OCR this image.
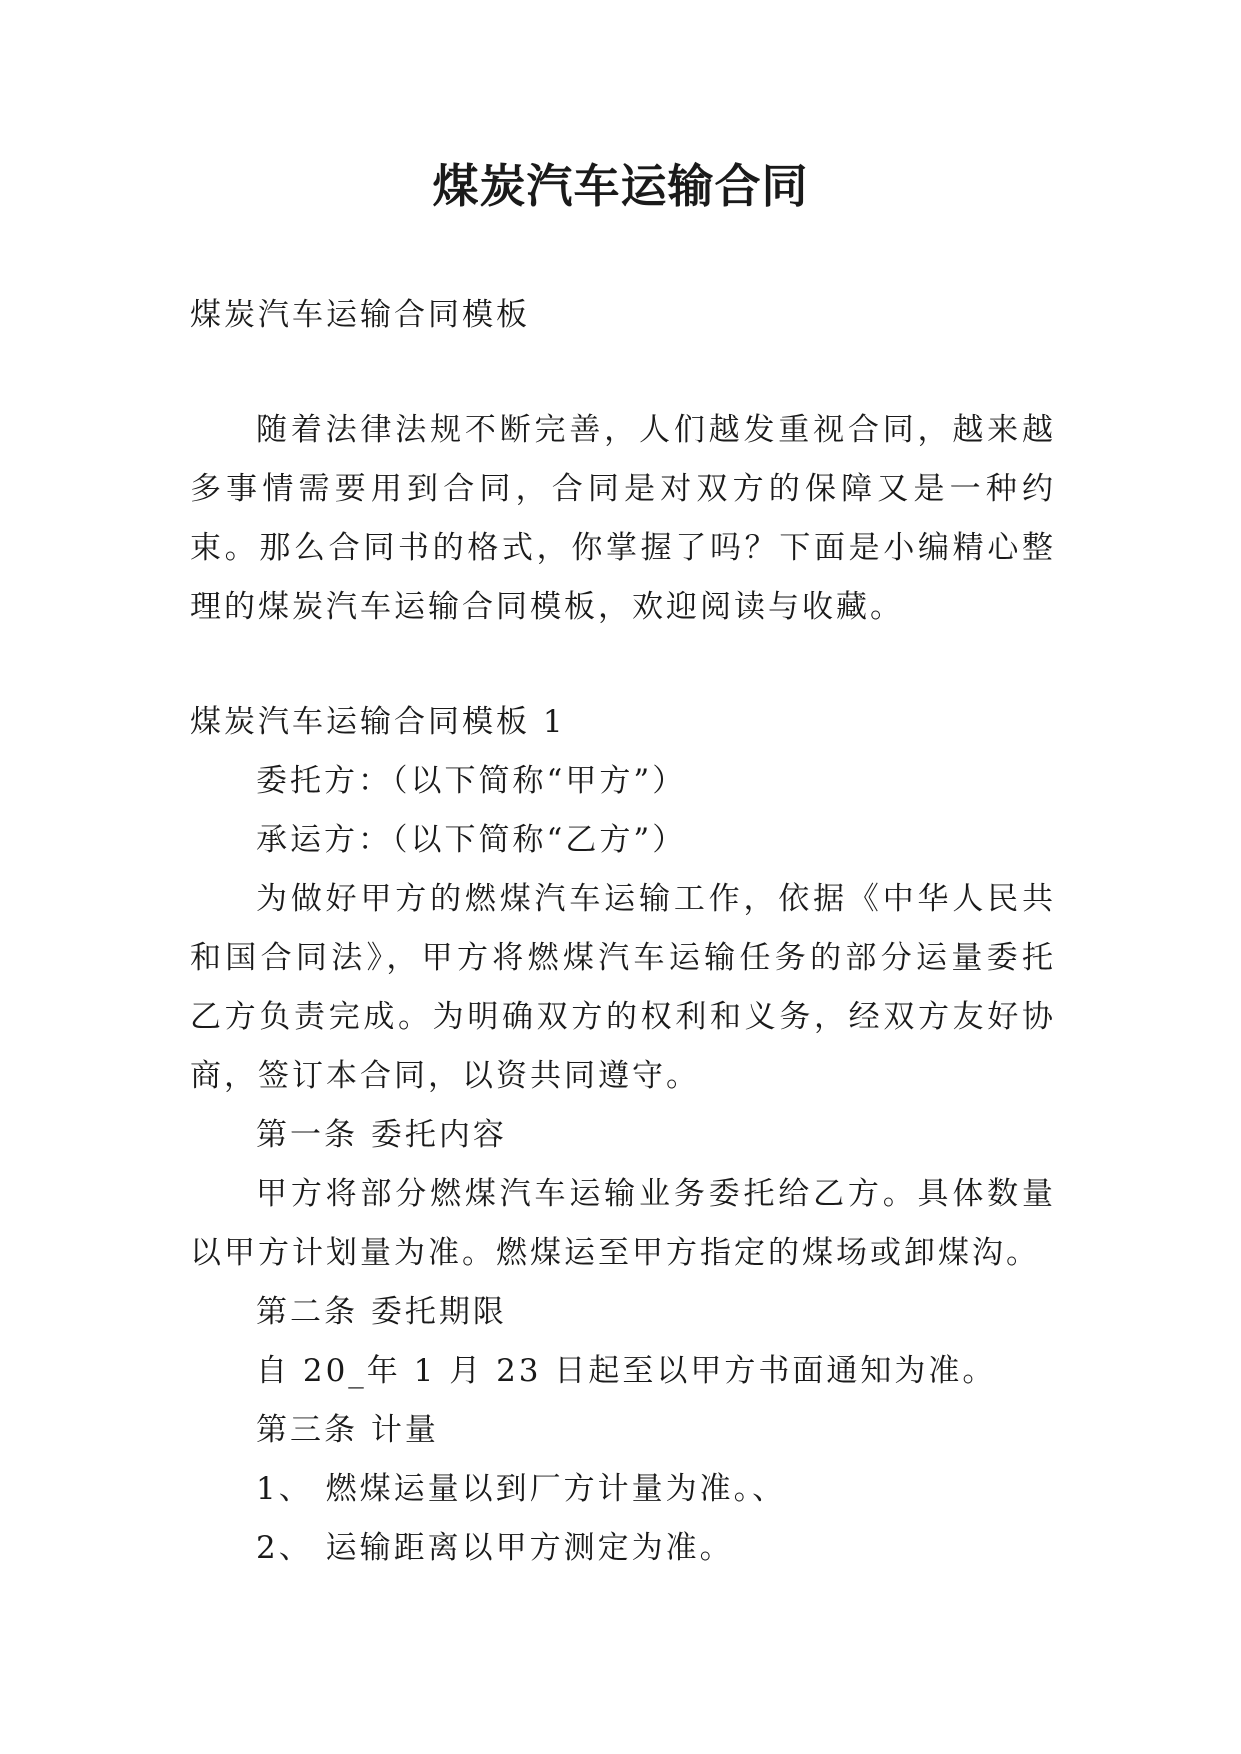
煤炭汽车运输合同

煤炭汽车运输合同模板

随着法律法规不断完善，人们越发重视合同，越来越多事情需要用到合同，合同是对双方的保障又是一种约束。那么合同书的格式，你掌握了吗？下面是小编精心整理的煤炭汽车运输合同模板，欢迎阅读与收藏。

煤炭汽车运输合同模板 1

委托方：（以下简称“甲方”）

承运方：（以下简称“乙方”）

为做好甲方的燃煤汽车运输工作，依据《中华人民共和国合同法》，甲方将燃煤汽车运输任务的部分运量委托乙方负责完成。为明确双方的权利和义务，经双方友好协商，签订本合同，以资共同遵守。

第一条 委托内容

甲方将部分燃煤汽车运输业务委托给乙方。具体数量以甲方计划量为准。燃煤运至甲方指定的煤场或卸煤沟。

第二条 委托期限

自 20_年 1 月 23 日起至以甲方书面通知为准。

第三条 计量

1、 燃煤运量以到厂方计量为准。、

2、 运输距离以甲方测定为准。
